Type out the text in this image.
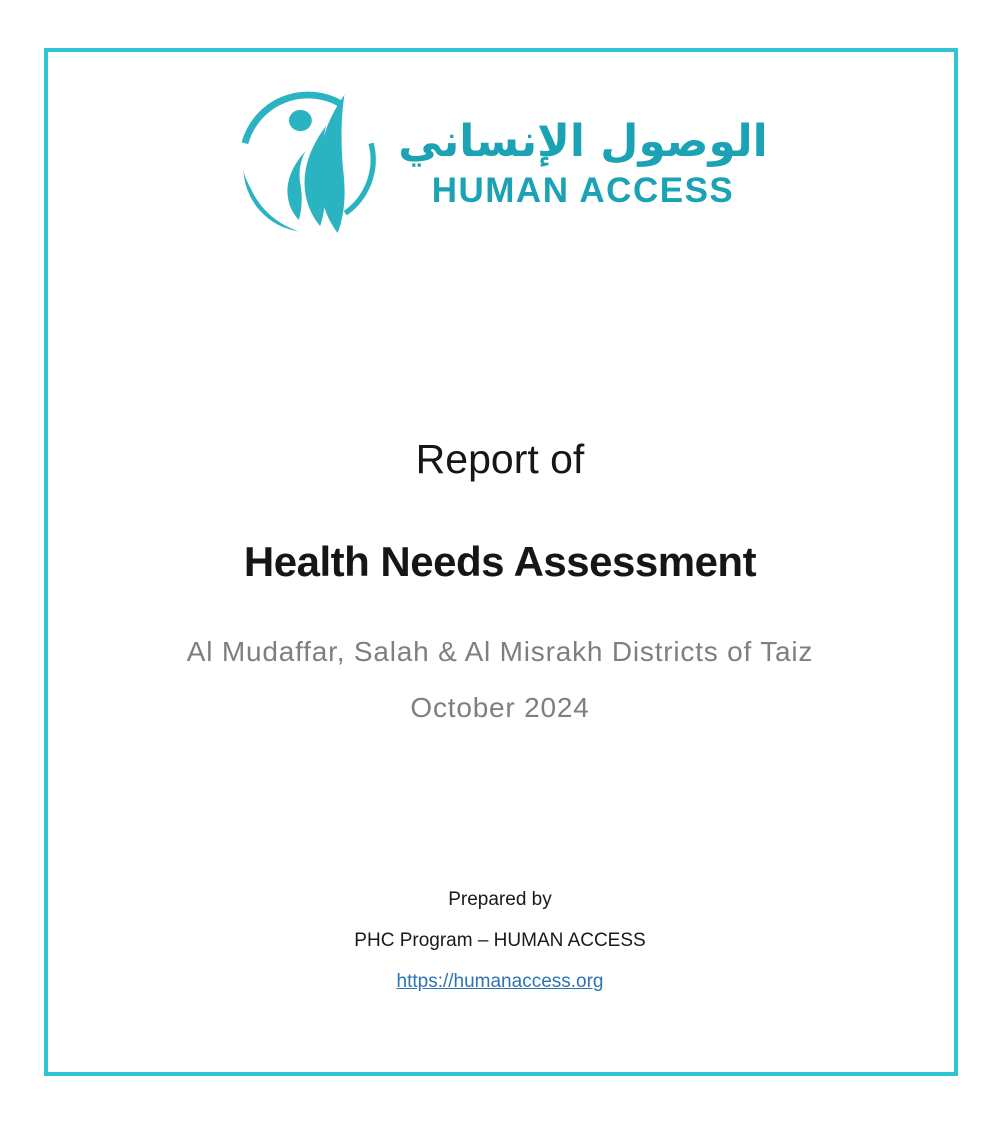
الوصول الإنساني
HUMAN ACCESS
Report of
Health Needs Assessment

Al Mudaffar, Salah & Al Misrakh Districts of Taiz

October 2024

Prepared by

PHC Program – HUMAN ACCESS

https://humanaccess.org
